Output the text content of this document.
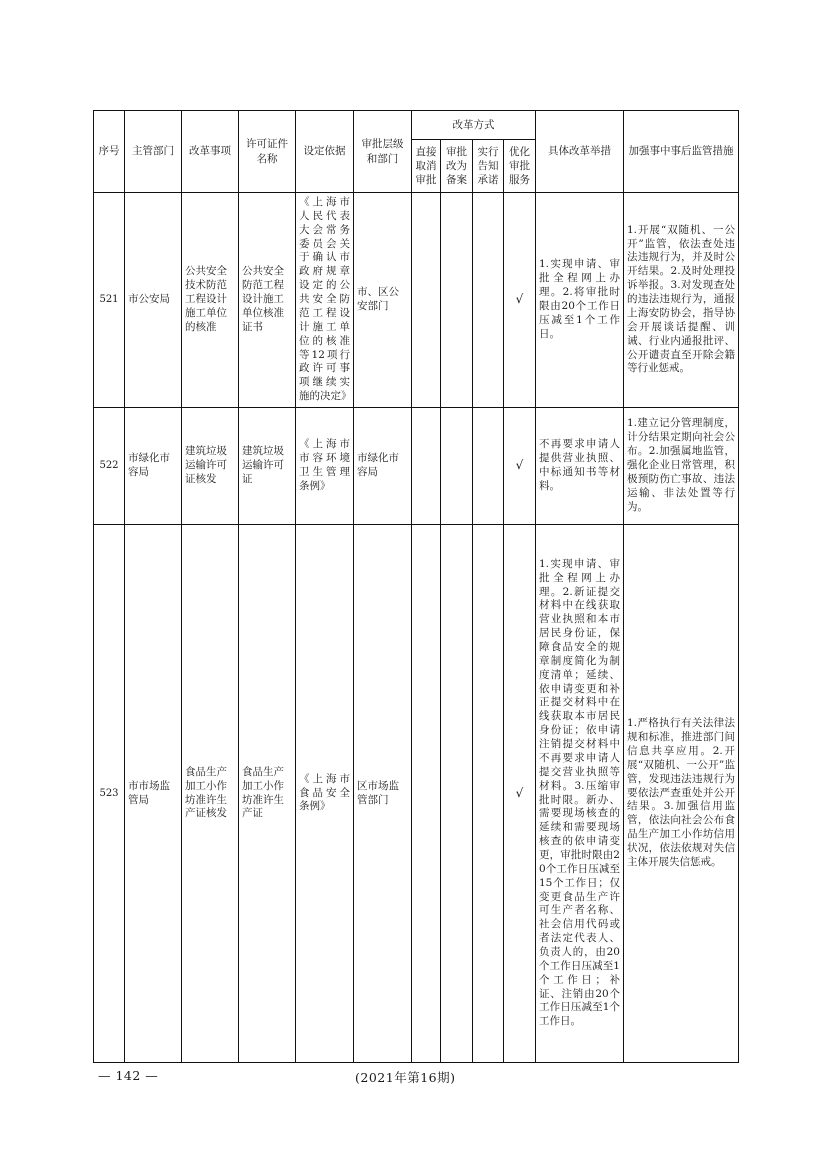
序号	主管部门	改革事项	许可证件名称	设定依据	审批层级和部门	改革方式				具体改革举措	加强事中事后监管措施
						直接取消审批	审批改为备案	实行告知承诺	优化审批服务		
521	市公安局	公共安全技术防范工程设计施工单位的核准	公共安全防范工程设计施工单位核准证书	《上海市人民代表大会常务委员会关于确认市政府规章设定的公共安全防范工程设计施工单位的核准等12项行政许可事项继续实施的决定》	市、区公安部门				√	1.实现申请、审批全程网上办理。2.将审批时限由20个工作日压减至1个工作日。	1.开展“双随机、一公开”监管，依法查处违法违规行为，并及时公开结果。2.及时处理投诉举报。3.对发现查处的违法违规行为，通报上海安防协会，指导协会开展谈话提醒、训诫、行业内通报批评、公开谴责直至开除会籍等行业惩戒。
522	市绿化市容局	建筑垃圾运输许可证核发	建筑垃圾运输许可证	《上海市市容环境卫生管理条例》	市绿化市容局				√	不再要求申请人提供营业执照、中标通知书等材料。	1.建立记分管理制度，计分结果定期向社会公布。2.加强属地监管，强化企业日常管理，积极预防伤亡事故、违法运输、非法处置等行为。
523	市市场监管局	食品生产加工小作坊准许生产证核发	食品生产加工小作坊准许生产证	《上海市食品安全条例》	区市场监管部门				√	1.实现申请、审批全程网上办理。2.新证提交材料中在线获取营业执照和本市居民身份证，保障食品安全的规章制度简化为制度清单；延续、依申请变更和补正提交材料中在线获取本市居民身份证；依申请注销提交材料中不再要求申请人提交营业执照等材料。3.压缩审批时限。新办、需要现场核查的延续和需要现场核查的依申请变更，审批时限由20个工作日压减至15个工作日；仅变更食品生产许可生产者名称、社会信用代码或者法定代表人、负责人的，由20个工作日压减至1个工作日；补证、注销由20个工作日压减至1个工作日。	1.严格执行有关法律法规和标准，推进部门间信息共享应用。2.开展“双随机、一公开”监管，发现违法违规行为要依法严查重处并公开结果。3.加强信用监管，依法向社会公布食品生产加工小作坊信用状况，依法依规对失信主体开展失信惩戒。
— 142 —	(2021年第16期)
